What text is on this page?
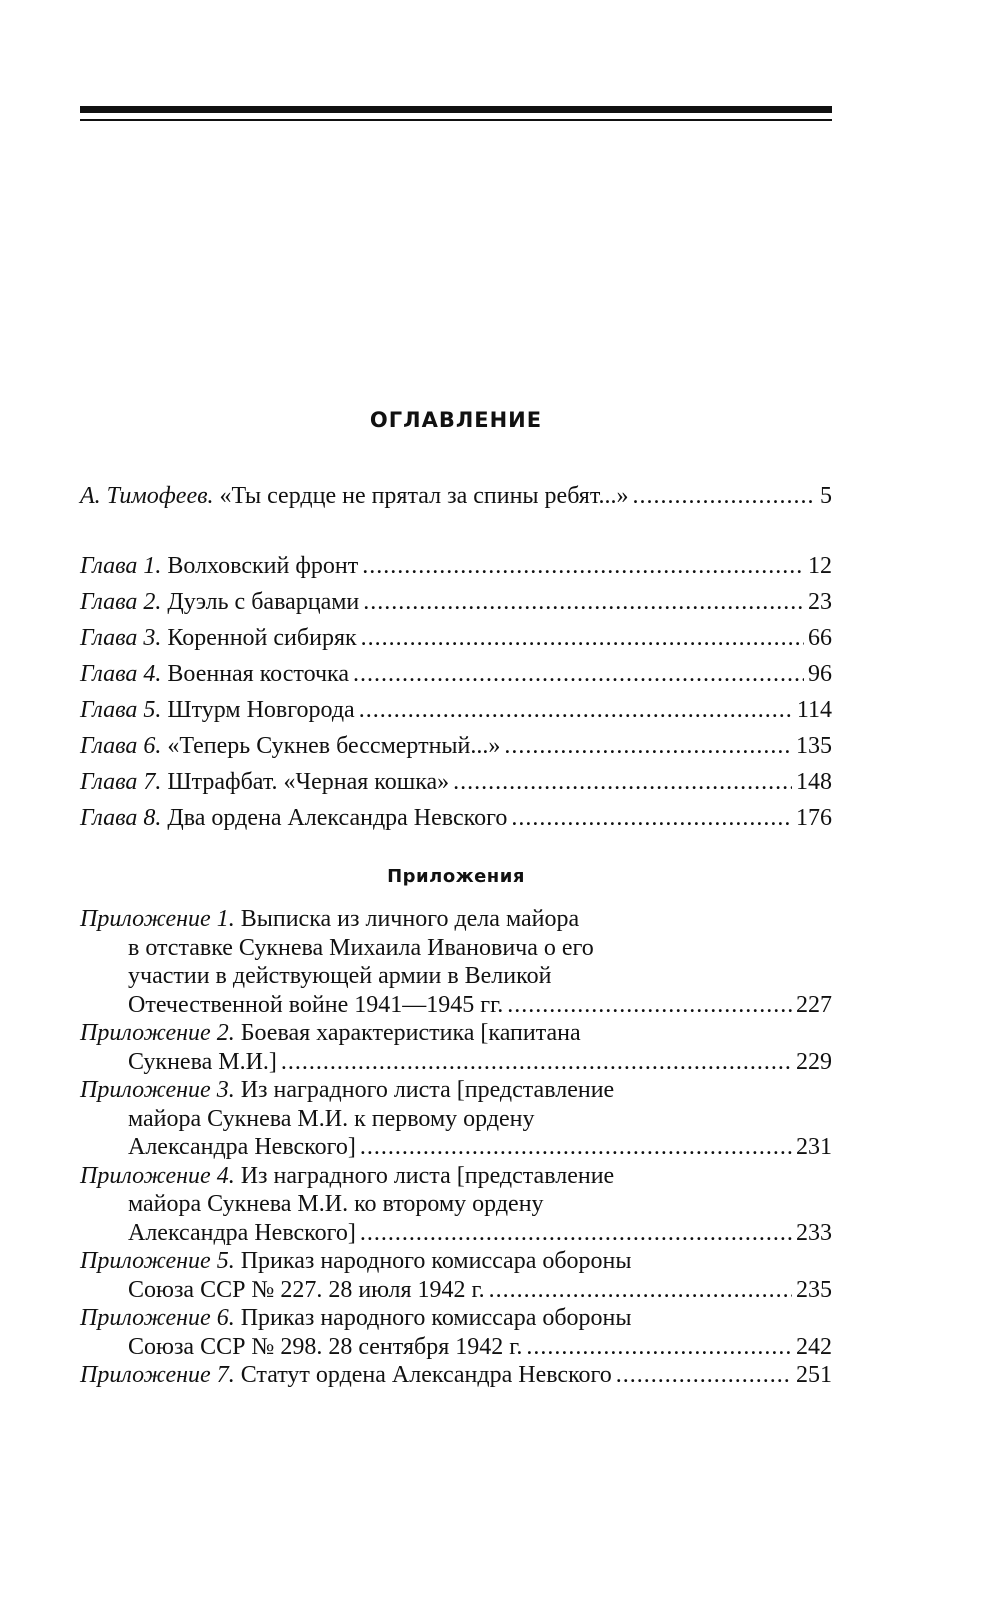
ОГЛАВЛЕНИЕ
А. Тимофеев. «Ты сердце не прятал за спины ребят...» .....	5
Глава 1. Волховский фронт .....	12
Глава 2. Дуэль с баварцами .....	23
Глава 3. Коренной сибиряк .....	66
Глава 4. Военная косточка .....	96
Глава 5. Штурм Новгорода .....	114
Глава 6. «Теперь Сукнев бессмертный...» .....	135
Глава 7. Штрафбат. «Черная кошка» .....	148
Глава 8. Два ордена Александра Невского .....	176
Приложения
Приложение 1. Выписка из личного дела майора
в отставке Сукнева Михаила Ивановича о его
участии в действующей армии в Великой
Отечественной войне 1941—1945 гг. .....	227
Приложение 2. Боевая характеристика [капитана
Сукнева М.И.] .....	229
Приложение 3. Из наградного листа [представление
майора Сукнева М.И. к первому ордену
Александра Невского] .....	231
Приложение 4. Из наградного листа [представление
майора Сукнева М.И. ко второму ордену
Александра Невского] .....	233
Приложение 5. Приказ народного комиссара обороны
Союза ССР № 227. 28 июля 1942 г. .....	235
Приложение 6. Приказ народного комиссара обороны
Союза ССР № 298. 28 сентября 1942 г. .....	242
Приложение 7. Статут ордена Александра Невского .....	251
